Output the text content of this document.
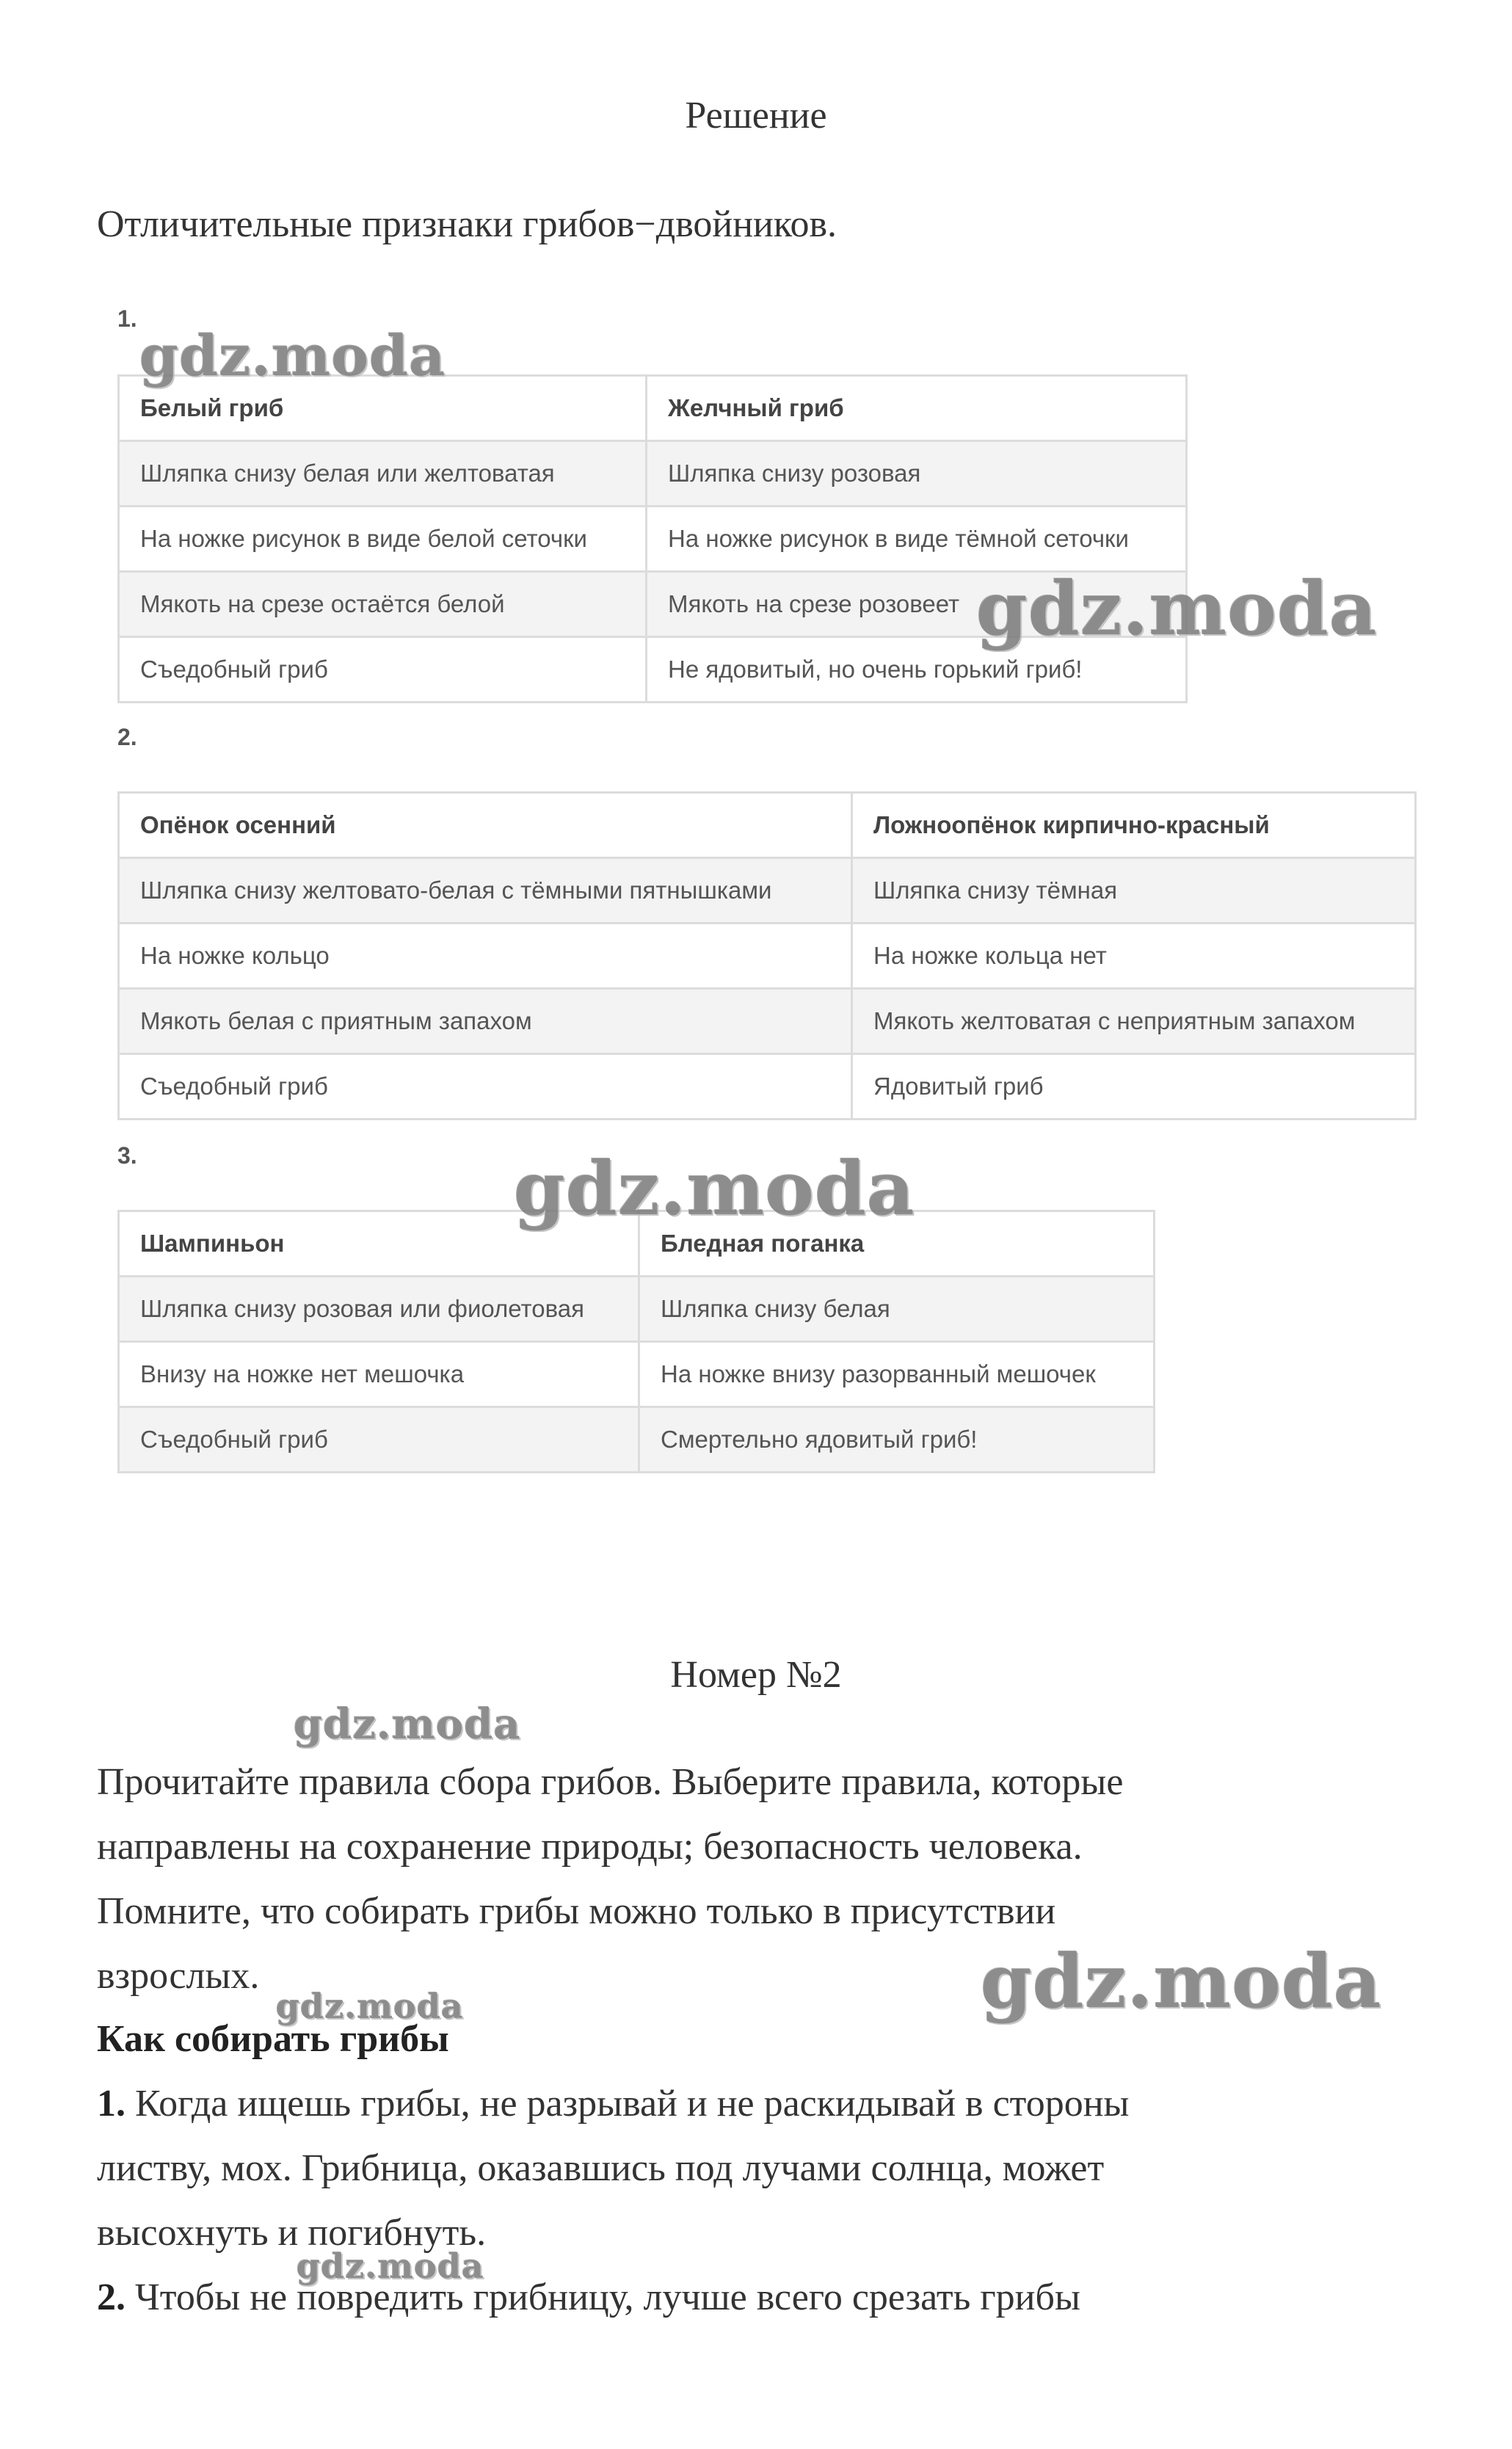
Решение
Отличительные признаки грибов−двойников.
1.
Белый гриб	Желчный гриб
Шляпка снизу белая или желтоватая	Шляпка снизу розовая
На ножке рисунок в виде белой сеточки	На ножке рисунок в виде тёмной сеточки
Мякоть на срезе остаётся белой	Мякоть на срезе розовеет
Съедобный гриб	Не ядовитый, но очень горький гриб!
2.
Опёнок осенний	Ложноопёнок кирпично-красный
Шляпка снизу желтовато-белая с тёмными пятнышками	Шляпка снизу тёмная
На ножке кольцо	На ножке кольца нет
Мякоть белая с приятным запахом	Мякоть желтоватая с неприятным запахом
Съедобный гриб	Ядовитый гриб
3.
Шампиньон	Бледная поганка
Шляпка снизу розовая или фиолетовая	Шляпка снизу белая
Внизу на ножке нет мешочка	На ножке внизу разорванный мешочек
Съедобный гриб	Смертельно ядовитый гриб!
Номер №2
Прочитайте правила сбора грибов. Выберите правила, которые
направлены на сохранение природы; безопасность человека.
Помните, что собирать грибы можно только в присутствии
взрослых.
Как собирать грибы
1. Когда ищешь грибы, не разрывай и не раскидывай в стороны
листву, мох. Грибница, оказавшись под лучами солнца, может
высохнуть и погибнуть.
2. Чтобы не повредить грибницу, лучше всего срезать грибы
gdz.moda
gdz.moda
gdz.moda
gdz.moda
gdz.moda
gdz.moda
gdz.moda
